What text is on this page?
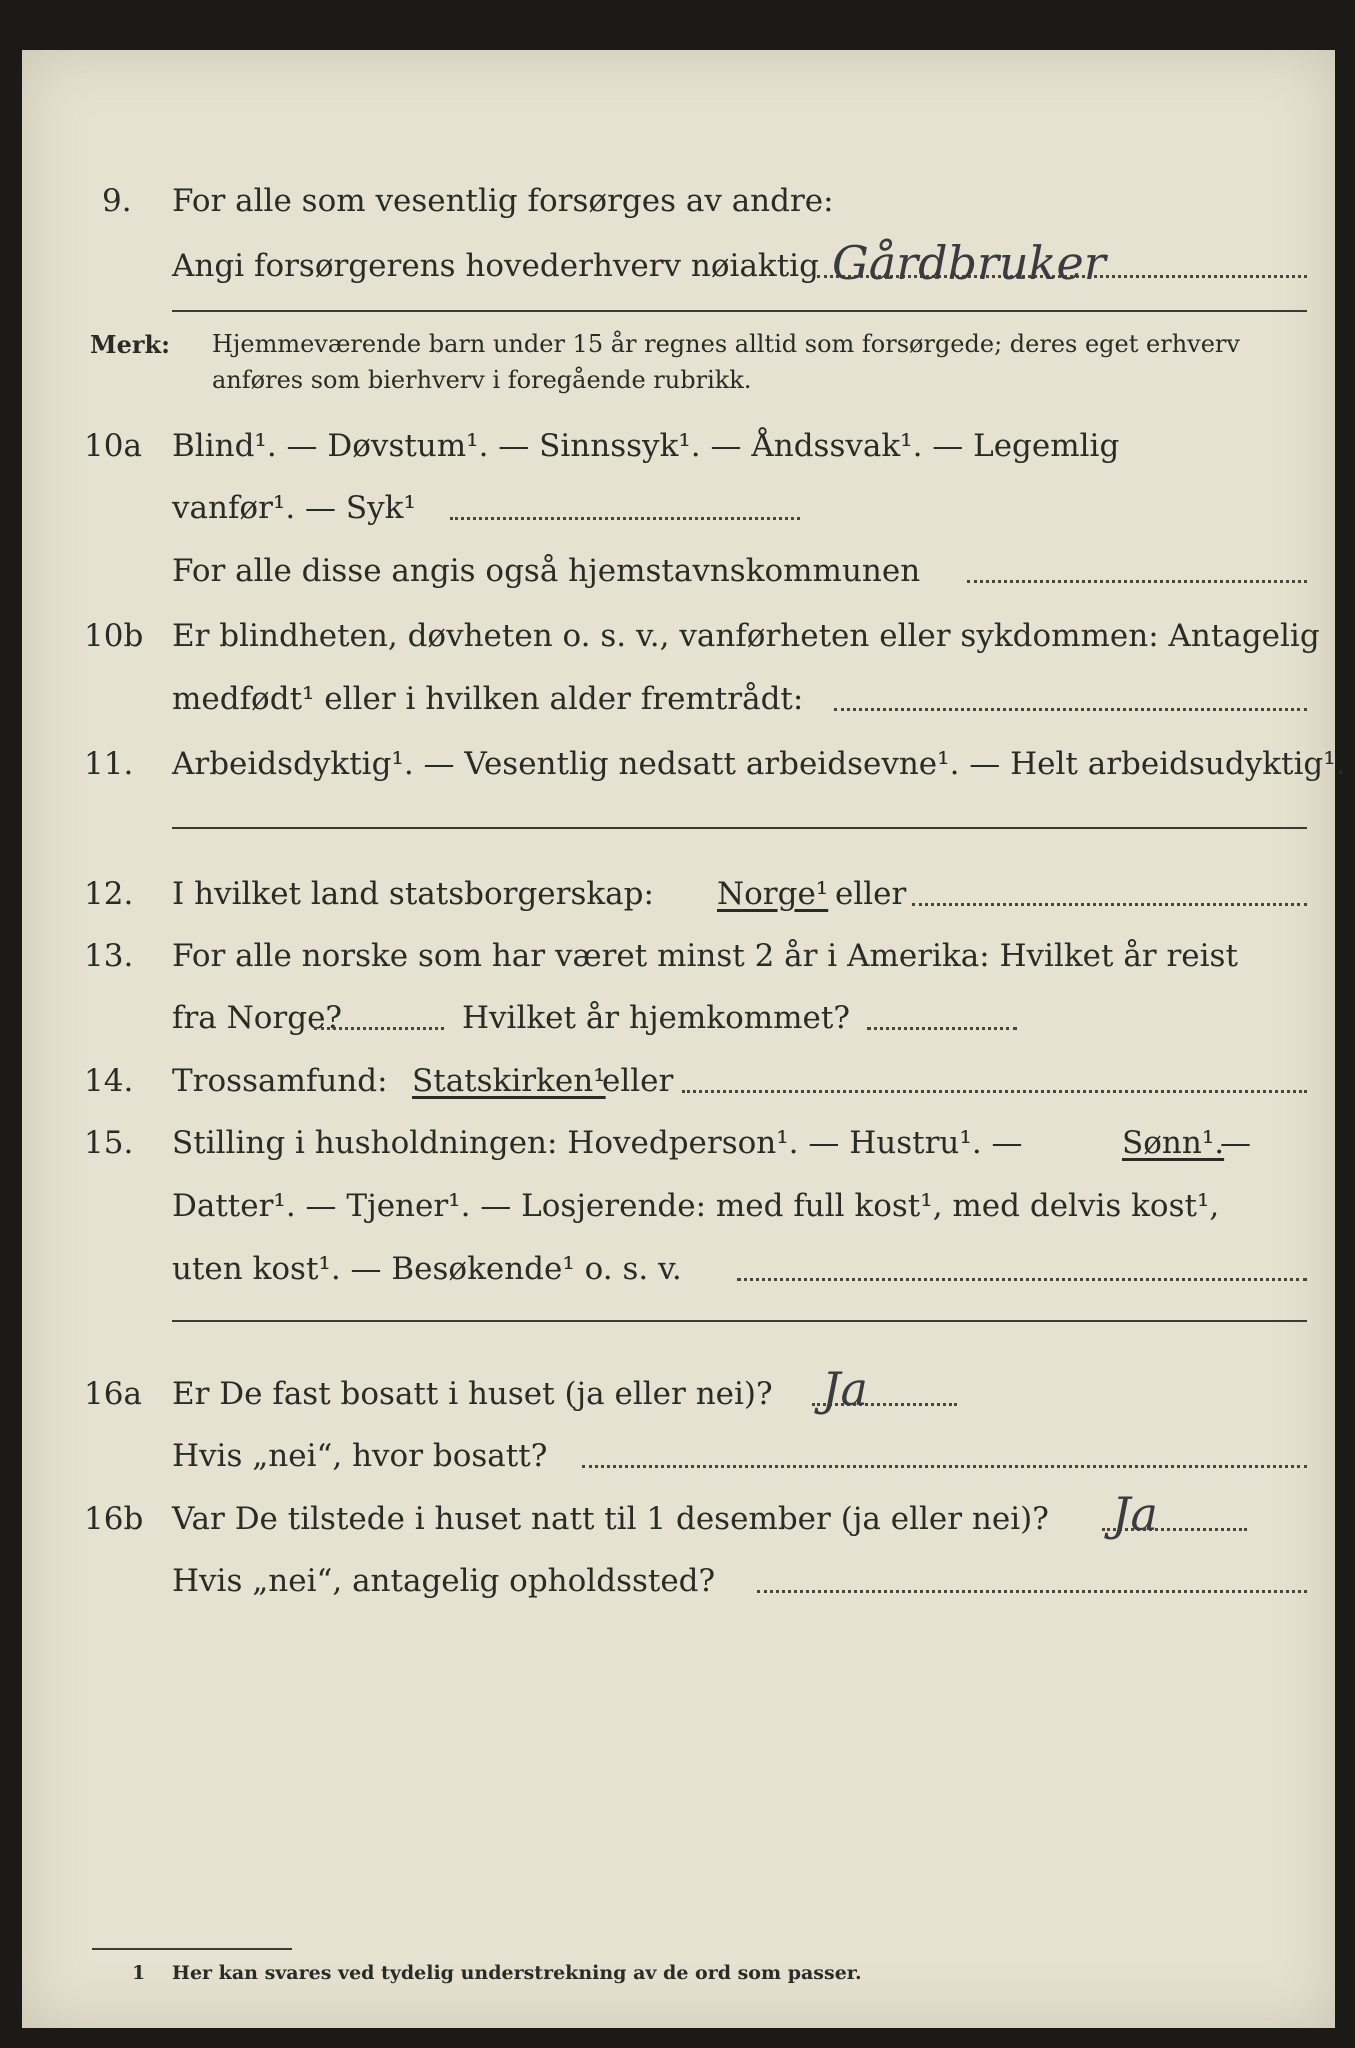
9. For alle som vesentlig forsørges av andre:
Angi forsørgerens hovederhverv nøiaktig Gårdbruker
Merk: Hjemmeværende barn under 15 år regnes alltid som forsørgede; deres eget erhverv
anføres som bierhverv i foregående rubrikk.
10a Blind¹. — Døvstum¹. — Sinnssyk¹. — Åndssvak¹. — Legemlig
vanfør¹. — Syk¹
For alle disse angis også hjemstavnskommunen
10b Er blindheten, døvheten o. s. v., vanførheten eller sykdommen: Antagelig
medfødt¹ eller i hvilken alder fremtrådt:
11. Arbeidsdyktig¹. — Vesentlig nedsatt arbeidsevne¹. — Helt arbeidsudyktig¹.
12. I hvilket land statsborgerskap: Norge¹ eller
13. For alle norske som har været minst 2 år i Amerika: Hvilket år reist
fra Norge?	Hvilket år hjemkommet?
14. Trossamfund: Statskirken¹
eller
15. Stilling i husholdningen: Hovedperson¹. — Hustru¹. —	Sønn¹.
—
Datter¹. — Tjener¹. — Losjerende: med full kost¹, med delvis kost¹,
uten kost¹. — Besøkende¹ o. s. v.
16a Er De fast bosatt i huset (ja eller nei)? Ja
Hvis „nei“, hvor bosatt?
16b Var De tilstede i huset natt til 1 desember (ja eller nei)? Ja
Hvis „nei“, antagelig opholdssted?
1 Her kan svares ved tydelig understrekning av de ord som passer.
